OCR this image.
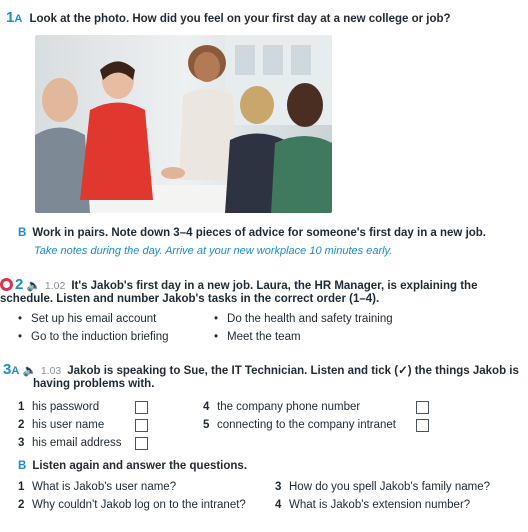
1A Look at the photo. How did you feel on your first day at a new college or job?
B Work in pairs. Note down 3–4 pieces of advice for someone's first day in a new job.
Take notes during the day. Arrive at your new workplace 10 minutes early.
2 🔈 1.02 It's Jakob's first day in a new job. Laura, the HR Manager, is explaining the schedule. Listen and number Jakob's tasks in the correct order (1–4).
• Set up his email account	• Do the health and safety training
• Go to the induction briefing	• Meet the team
3A 🔈 1.03 Jakob is speaking to Sue, the IT Technician. Listen and tick (✓) the things Jakob is having problems with.
1 his password
2 his user name
3 his email address
4 the company phone number
5 connecting to the company intranet
B Listen again and answer the questions.
1 What is Jakob's user name?
2 Why couldn't Jakob log on to the intranet?
3 How do you spell Jakob's family name?
4 What is Jakob's extension number?
